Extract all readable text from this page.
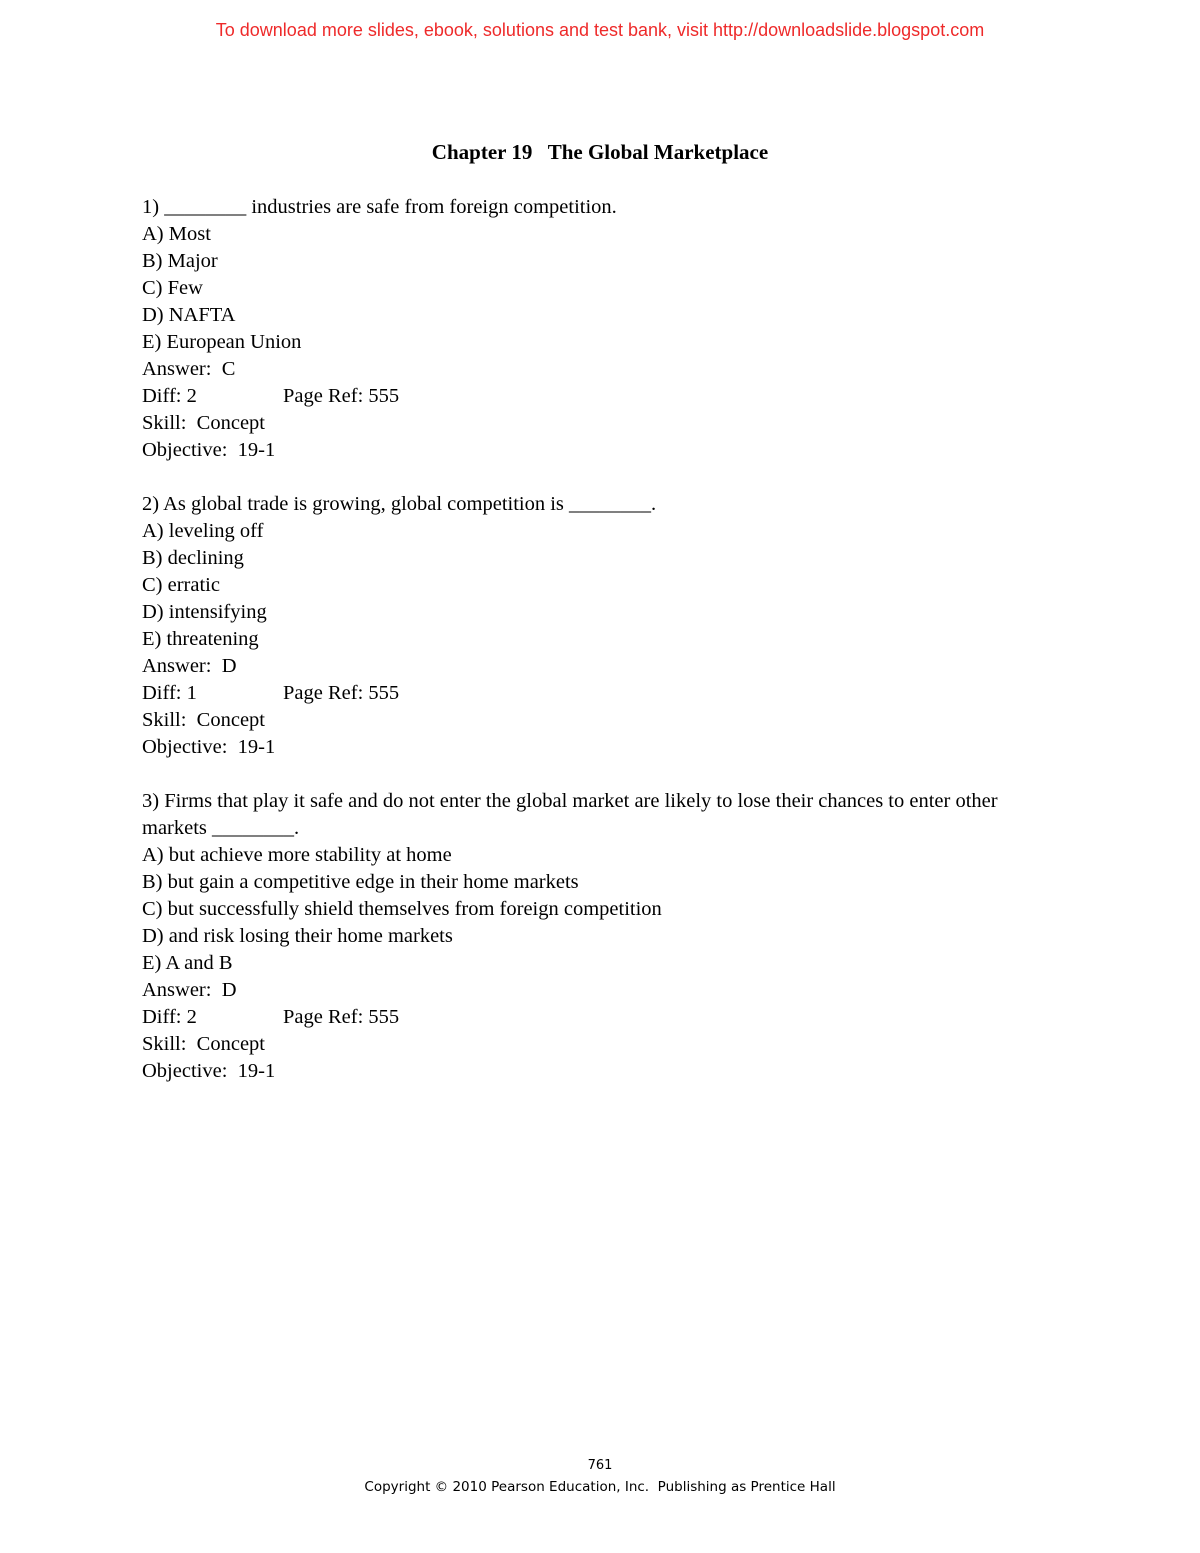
To download more slides, ebook, solutions and test bank, visit http://downloadslide.blogspot.com
Chapter 19   The Global Marketplace
1) ________ industries are safe from foreign competition.
A) Most
B) Major
C) Few
D) NAFTA
E) European Union
Answer:  C
Diff: 2	Page Ref: 555
Skill:  Concept
Objective:  19-1
2) As global trade is growing, global competition is ________.
A) leveling off
B) declining
C) erratic
D) intensifying
E) threatening
Answer:  D
Diff: 1	Page Ref: 555
Skill:  Concept
Objective:  19-1
3) Firms that play it safe and do not enter the global market are likely to lose their chances to enter other markets ________.
A) but achieve more stability at home
B) but gain a competitive edge in their home markets
C) but successfully shield themselves from foreign competition
D) and risk losing their home markets
E) A and B
Answer:  D
Diff: 2	Page Ref: 555
Skill:  Concept
Objective:  19-1
761
Copyright © 2010 Pearson Education, Inc.  Publishing as Prentice Hall
